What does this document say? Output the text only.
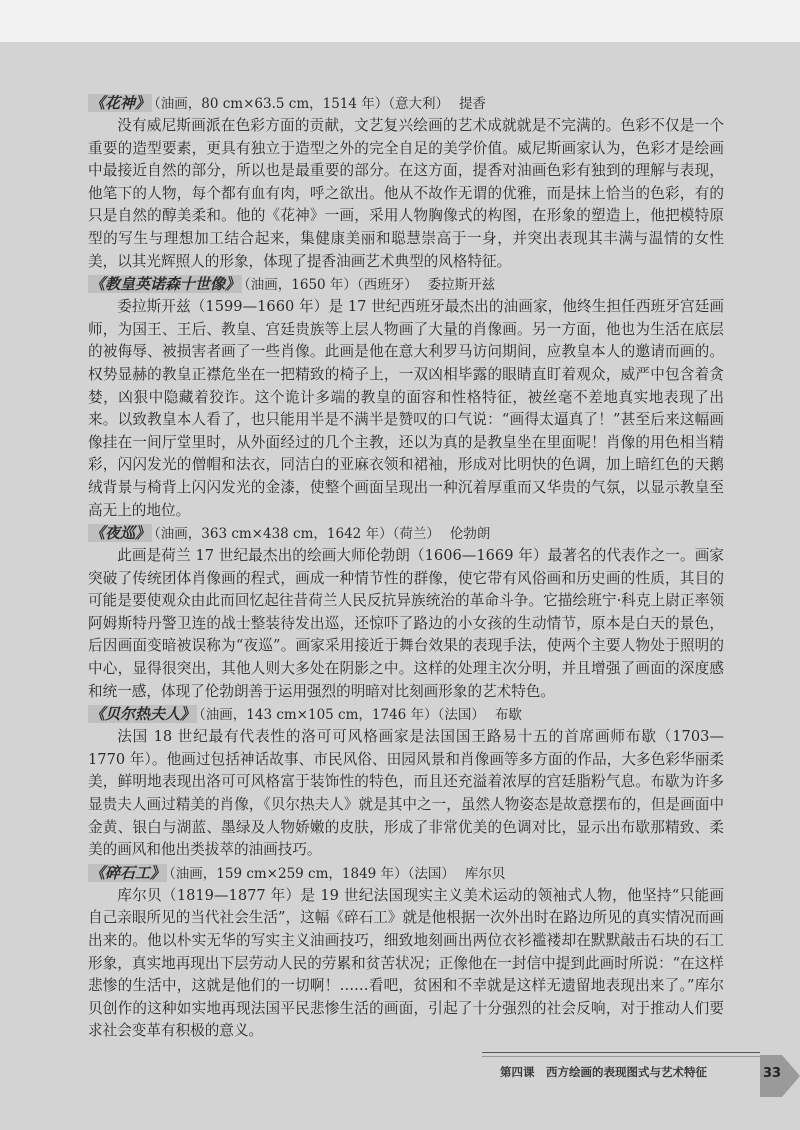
《花神》 （油画，80 cm×63.5 cm，1514 年）（意大利） 提香

没有威尼斯画派在色彩方面的贡献，文艺复兴绘画的艺术成就就是不完满的。色彩不仅是一个重要的造型要素，更具有独立于造型之外的完全自足的美学价值。威尼斯画家认为，色彩才是绘画中最接近自然的部分，所以也是最重要的部分。在这方面，提香对油画色彩有独到的理解与表现，他笔下的人物，每个都有血有肉，呼之欲出。他从不故作无谓的优雅，而是抹上恰当的色彩，有的只是自然的醇美柔和。他的《花神》一画，采用人物胸像式的构图，在形象的塑造上，他把模特原型的写生与理想加工结合起来，集健康美丽和聪慧崇高于一身，并突出表现其丰满与温情的女性美，以其光辉照人的形象，体现了提香油画艺术典型的风格特征。

《教皇英诺森十世像》 （油画，1650 年）（西班牙） 委拉斯开兹

委拉斯开兹（1599—1660 年）是 17 世纪西班牙最杰出的油画家，他终生担任西班牙宫廷画师，为国王、王后、教皇、宫廷贵族等上层人物画了大量的肖像画。另一方面，他也为生活在底层的被侮辱、被损害者画了一些肖像。此画是他在意大利罗马访问期间，应教皇本人的邀请而画的。权势显赫的教皇正襟危坐在一把精致的椅子上，一双凶相毕露的眼睛直盯着观众，威严中包含着贪婪，凶狠中隐藏着狡诈。这个诡计多端的教皇的面容和性格特征，被丝毫不差地真实地表现了出来。以致教皇本人看了，也只能用半是不满半是赞叹的口气说：“画得太逼真了！”甚至后来这幅画像挂在一间厅堂里时，从外面经过的几个主教，还以为真的是教皇坐在里面呢！肖像的用色相当精彩，闪闪发光的僧帽和法衣，同洁白的亚麻衣领和裙袖，形成对比明快的色调，加上暗红色的天鹅绒背景与椅背上闪闪发光的金漆，使整个画面呈现出一种沉着厚重而又华贵的气氛，以显示教皇至高无上的地位。

《夜巡》 （油画，363 cm×438 cm，1642 年）（荷兰） 伦勃朗

此画是荷兰 17 世纪最杰出的绘画大师伦勃朗（1606—1669 年）最著名的代表作之一。画家突破了传统团体肖像画的程式，画成一种情节性的群像，使它带有风俗画和历史画的性质，其目的可能是要使观众由此而回忆起往昔荷兰人民反抗异族统治的革命斗争。它描绘班宁·科克上尉正率领阿姆斯特丹警卫连的战士整装待发出巡，还惊吓了路边的小女孩的生动情节，原本是白天的景色，后因画面变暗被误称为“夜巡”。画家采用接近于舞台效果的表现手法，使两个主要人物处于照明的中心，显得很突出，其他人则大多处在阴影之中。这样的处理主次分明，并且增强了画面的深度感和统一感，体现了伦勃朗善于运用强烈的明暗对比刻画形象的艺术特色。

《贝尔热夫人》 （油画，143 cm×105 cm，1746 年）（法国） 布歇

法国 18 世纪最有代表性的洛可可风格画家是法国国王路易十五的首席画师布歇（1703—1770 年）。他画过包括神话故事、市民风俗、田园风景和肖像画等多方面的作品，大多色彩华丽柔美，鲜明地表现出洛可可风格富于装饰性的特色，而且还充溢着浓厚的宫廷脂粉气息。布歇为许多显贵夫人画过精美的肖像，《贝尔热夫人》就是其中之一，虽然人物姿态是故意摆布的，但是画面中金黄、银白与湖蓝、墨绿及人物娇嫩的皮肤，形成了非常优美的色调对比，显示出布歇那精致、柔美的画风和他出类拔萃的油画技巧。

《碎石工》 （油画，159 cm×259 cm，1849 年）（法国） 库尔贝

库尔贝（1819—1877 年）是 19 世纪法国现实主义美术运动的领袖式人物，他坚持“只能画自己亲眼所见的当代社会生活”，这幅《碎石工》就是他根据一次外出时在路边所见的真实情况而画出来的。他以朴实无华的写实主义油画技巧，细致地刻画出两位衣衫褴褛却在默默敲击石块的石工形象，真实地再现出下层劳动人民的劳累和贫苦状况；正像他在一封信中提到此画时所说：“在这样悲惨的生活中，这就是他们的一切啊！……看吧，贫困和不幸就是这样无遗留地表现出来了。”库尔贝创作的这种如实地再现法国平民悲惨生活的画面，引起了十分强烈的社会反响，对于推动人们要求社会变革有积极的意义。

第四课　西方绘画的表现图式与艺术特征	33
